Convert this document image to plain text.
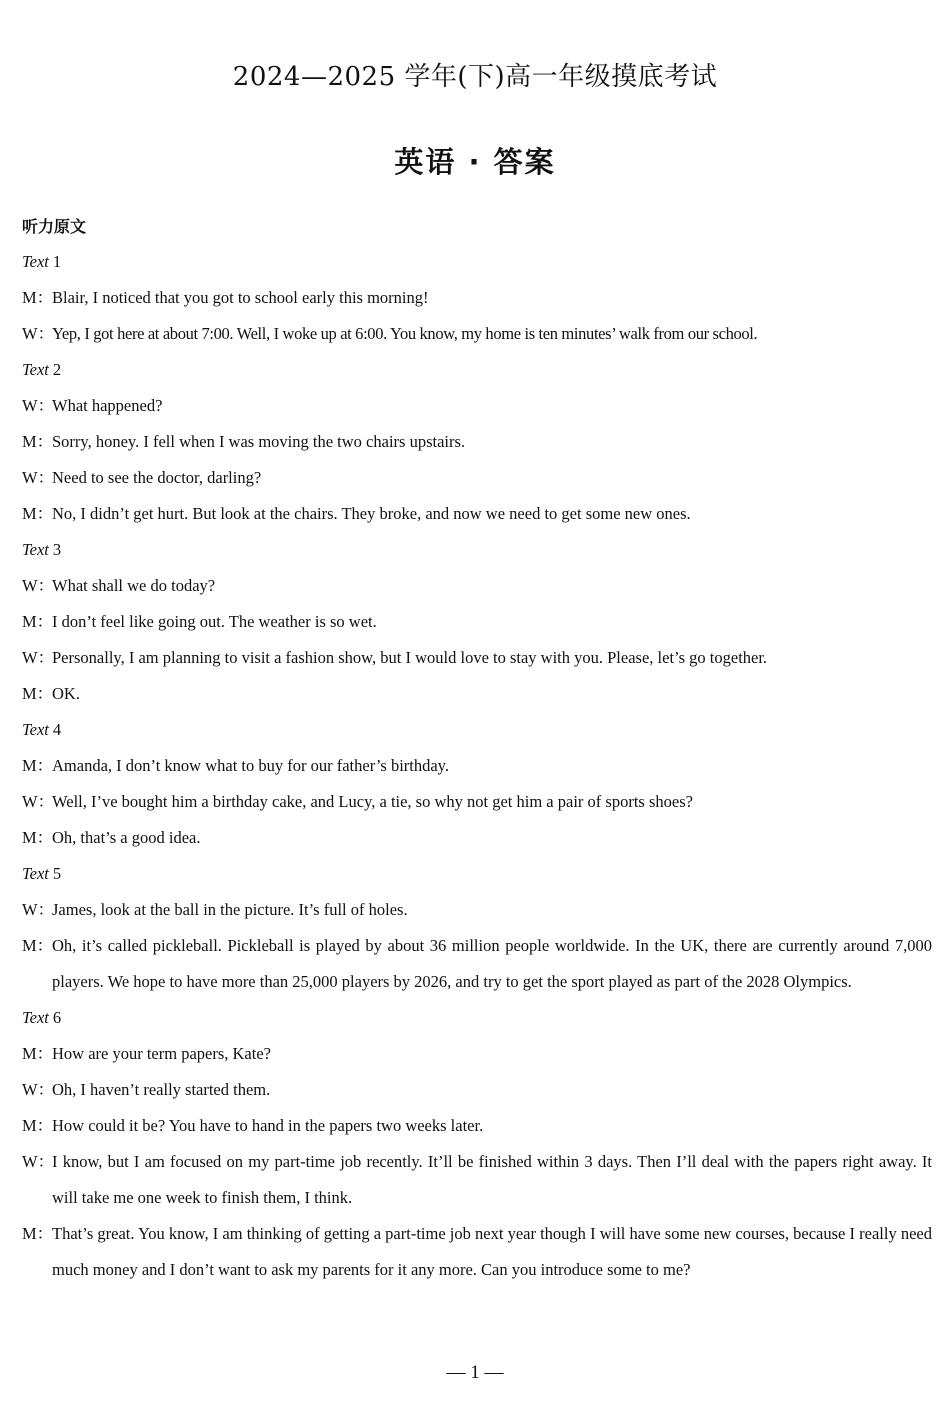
2024—2025 学年(下)高一年级摸底考试
英语 · 答案
听力原文
Text 1
M：
Blair, I noticed that you got to school early this morning!
W：
Yep, I got here at about 7:00. Well, I woke up at 6:00. You know, my home is ten minutes’ walk from our school.
Text 2
W：
What happened?
M：
Sorry, honey. I fell when I was moving the two chairs upstairs.
W：
Need to see the doctor, darling?
M：
No, I didn’t get hurt. But look at the chairs. They broke, and now we need to get some new ones.
Text 3
W：
What shall we do today?
M：
I don’t feel like going out. The weather is so wet.
W：
Personally, I am planning to visit a fashion show, but I would love to stay with you. Please, let’s go together.
M：
OK.
Text 4
M：
Amanda, I don’t know what to buy for our father’s birthday.
W：
Well, I’ve bought him a birthday cake, and Lucy, a tie, so why not get him a pair of sports shoes?
M：
Oh, that’s a good idea.
Text 5
W：
James, look at the ball in the picture. It’s full of holes.
M：
Oh, it’s called pickleball. Pickleball is played by about 36 million people worldwide. In the UK, there are currently around 7,000 players. We hope to have more than 25,000 players by 2026, and try to get the sport played as part of the 2028 Olympics.
Text 6
M：
How are your term papers, Kate?
W：
Oh, I haven’t really started them.
M：
How could it be? You have to hand in the papers two weeks later.
W：
I know, but I am focused on my part-time job recently. It’ll be finished within 3 days. Then I’ll deal with the papers right away. It will take me one week to finish them, I think.
M：
That’s great. You know, I am thinking of getting a part-time job next year though I will have some new courses, because I really need much money and I don’t want to ask my parents for it any more. Can you introduce some to me?
— 1 —
